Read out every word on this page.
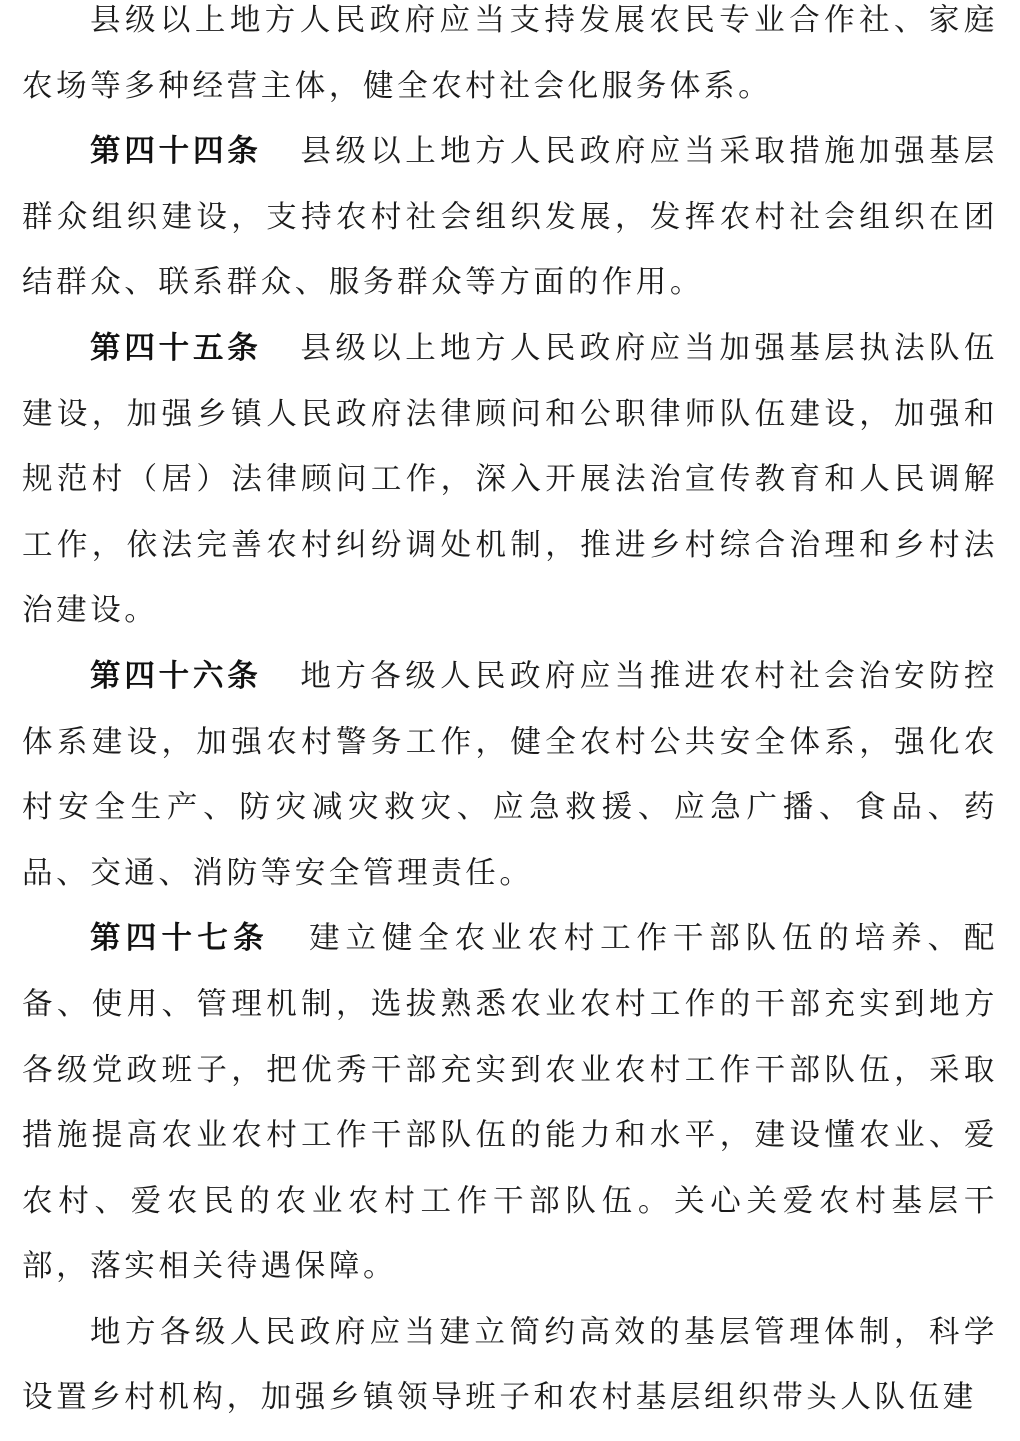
县级以上地方人民政府应当支持发展农民专业合作社、家庭农场等多种经营主体，健全农村社会化服务体系。

第四十四条 县级以上地方人民政府应当采取措施加强基层群众组织建设，支持农村社会组织发展，发挥农村社会组织在团结群众、联系群众、服务群众等方面的作用。

第四十五条 县级以上地方人民政府应当加强基层执法队伍建设，加强乡镇人民政府法律顾问和公职律师队伍建设，加强和规范村（居）法律顾问工作，深入开展法治宣传教育和人民调解工作，依法完善农村纠纷调处机制，推进乡村综合治理和乡村法治建设。

第四十六条 地方各级人民政府应当推进农村社会治安防控体系建设，加强农村警务工作，健全农村公共安全体系，强化农村安全生产、防灾减灾救灾、应急救援、应急广播、食品、药品、交通、消防等安全管理责任。

第四十七条 建立健全农业农村工作干部队伍的培养、配备、使用、管理机制，选拔熟悉农业农村工作的干部充实到地方各级党政班子，把优秀干部充实到农业农村工作干部队伍，采取措施提高农业农村工作干部队伍的能力和水平，建设懂农业、爱农村、爱农民的农业农村工作干部队伍。关心关爱农村基层干部，落实相关待遇保障。

地方各级人民政府应当建立简约高效的基层管理体制，科学设置乡村机构，加强乡镇领导班子和农村基层组织带头人队伍建
